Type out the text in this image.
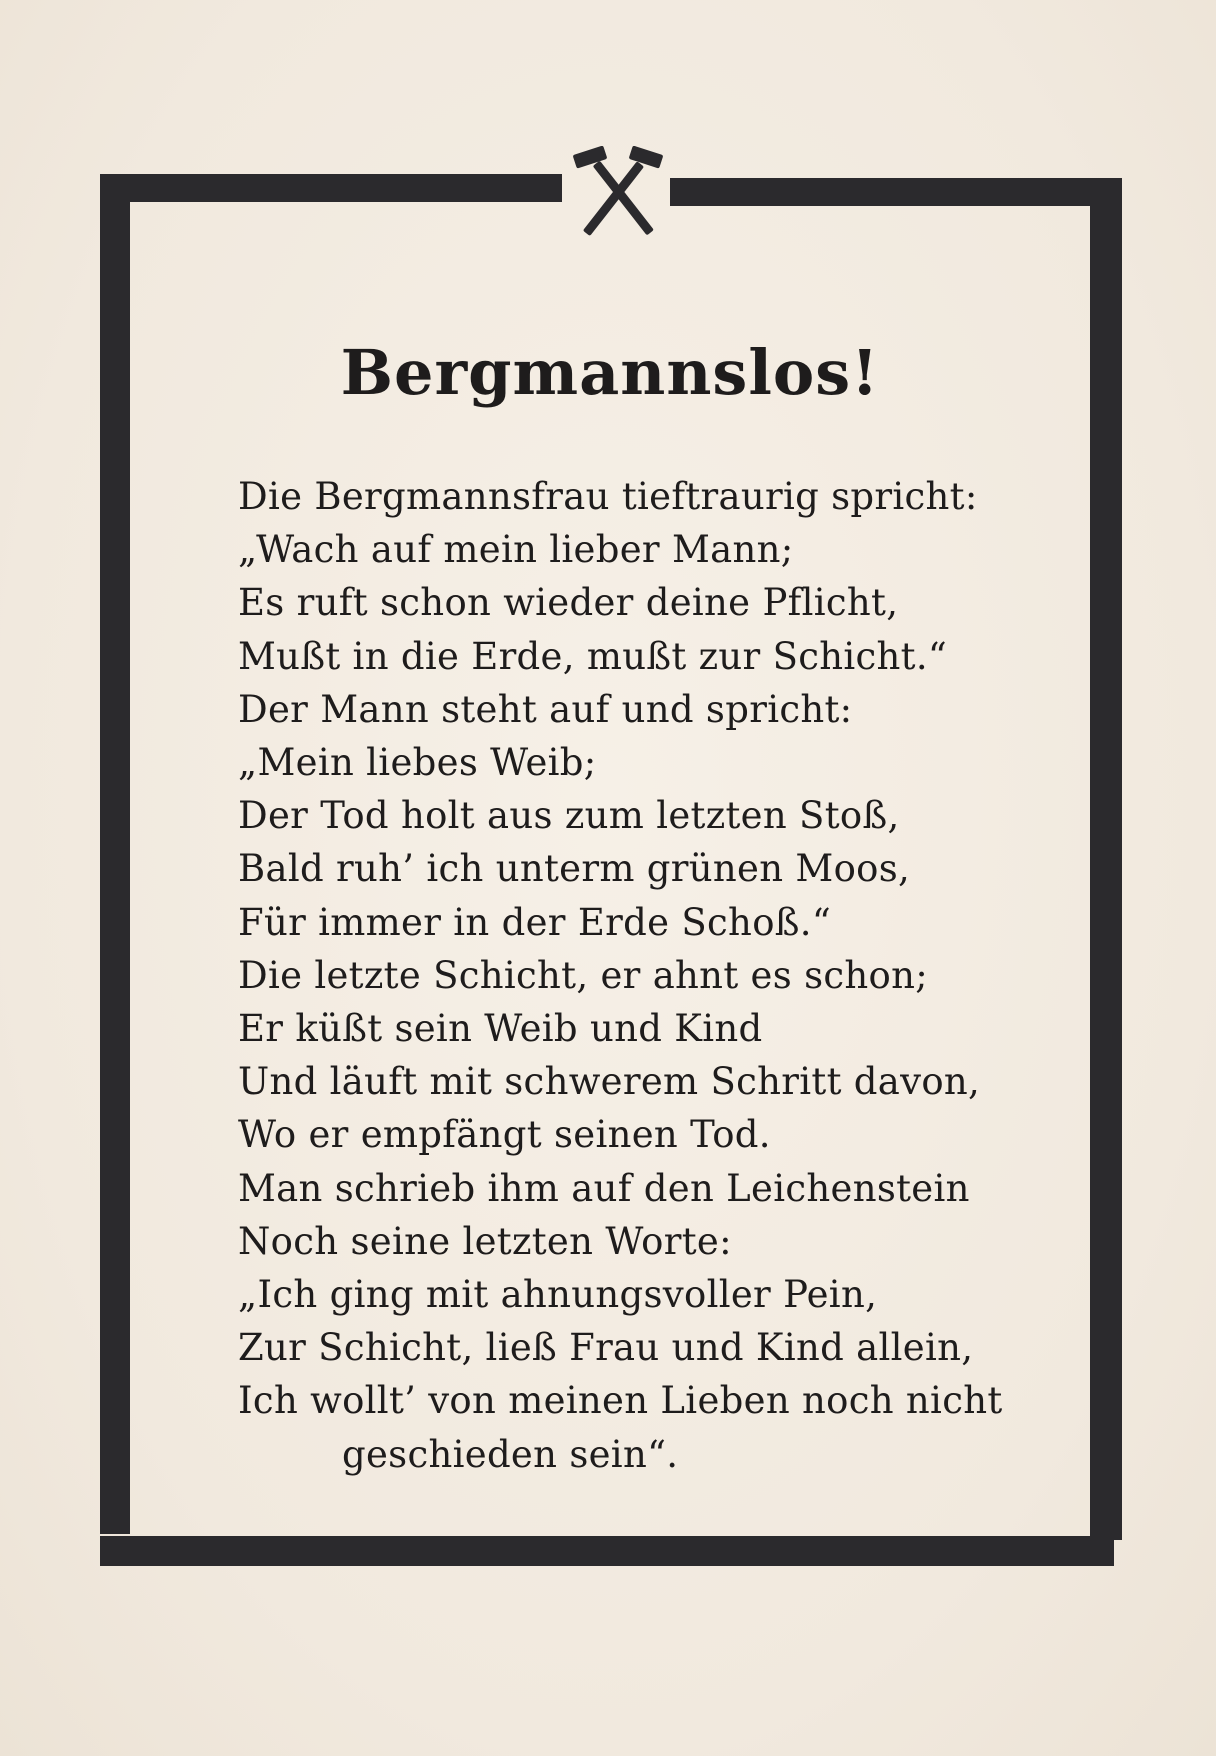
Bergmannslos!
Die Bergmannsfrau tieftraurig spricht:
„Wach auf mein lieber Mann;
Es ruft schon wieder deine Pflicht,
Mußt in die Erde, mußt zur Schicht.“
Der Mann steht auf und spricht:
„Mein liebes Weib;
Der Tod holt aus zum letzten Stoß,
Bald ruh’ ich unterm grünen Moos,
Für immer in der Erde Schoß.“
Die letzte Schicht, er ahnt es schon;
Er küßt sein Weib und Kind
Und läuft mit schwerem Schritt davon,
Wo er empfängt seinen Tod.
Man schrieb ihm auf den Leichenstein
Noch seine letzten Worte:
„Ich ging mit ahnungsvoller Pein,
Zur Schicht, ließ Frau und Kind allein,
Ich wollt’ von meinen Lieben noch nicht
geschieden sein“.
